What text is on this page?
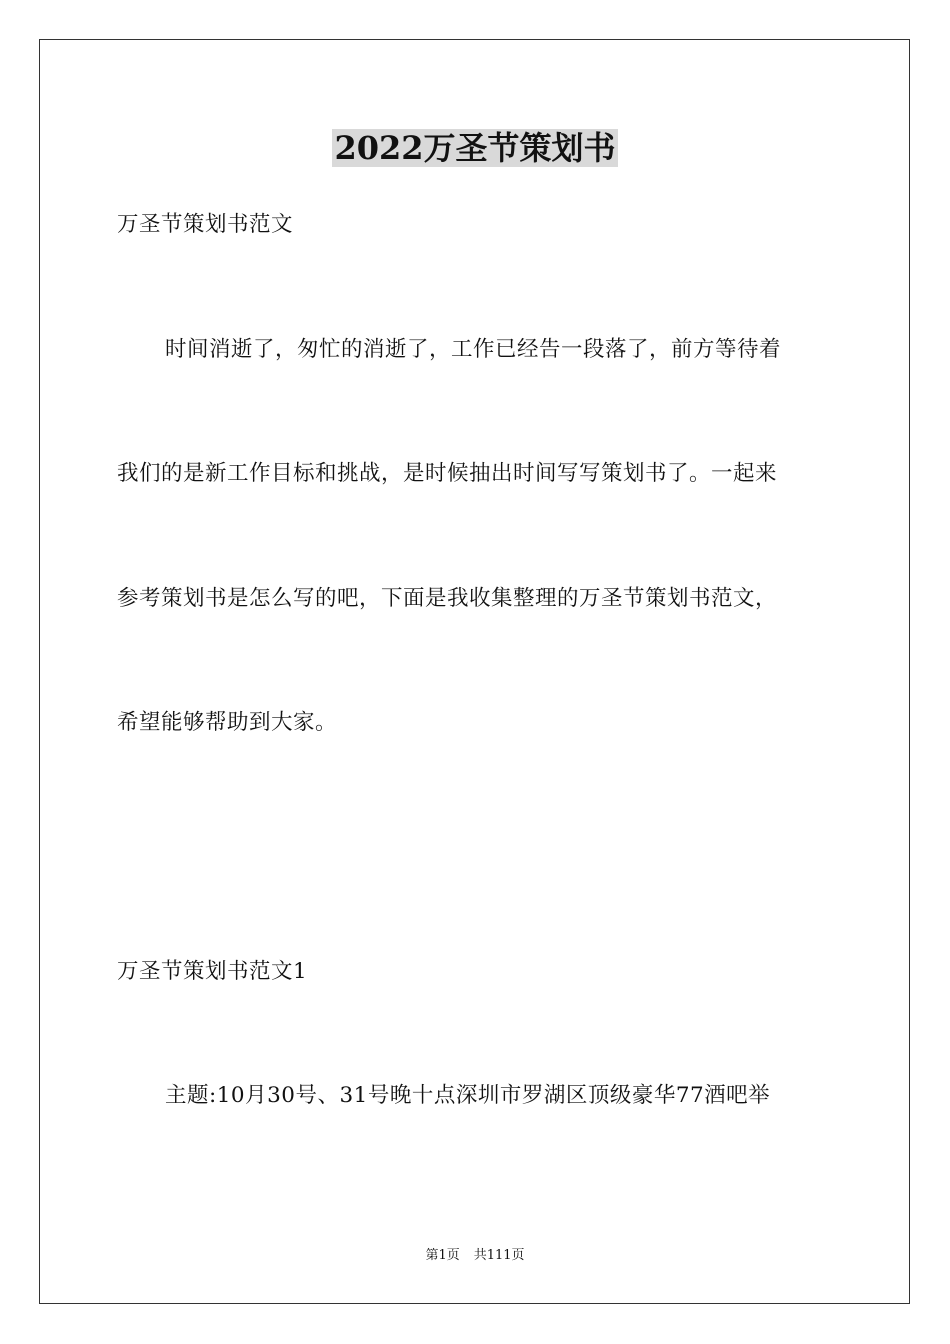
2022万圣节策划书
万圣节策划书范文
时间消逝了，匆忙的消逝了，工作已经告一段落了，前方等待着
我们的是新工作目标和挑战，是时候抽出时间写写策划书了。一起来
参考策划书是怎么写的吧，下面是我收集整理的万圣节策划书范文，
希望能够帮助到大家。
万圣节策划书范文1
主题:10月30号、31号晚十点深圳市罗湖区顶级豪华77酒吧举
第1页 共111页
